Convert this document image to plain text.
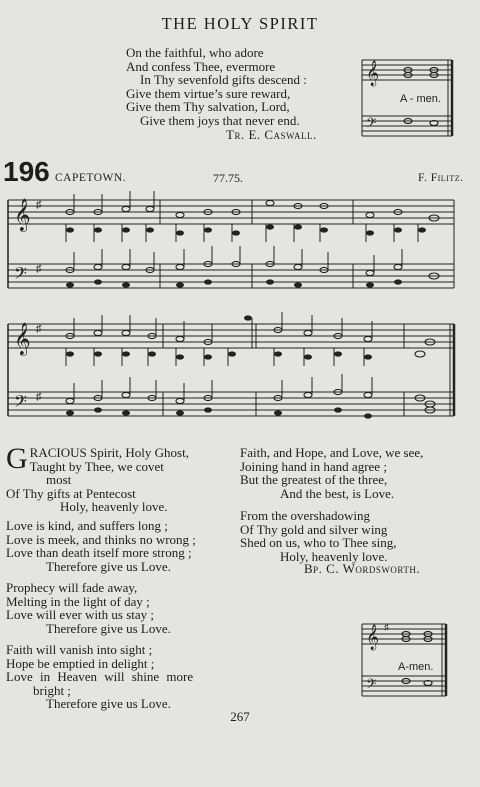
THE HOLY SPIRIT
On the faithful, who adore
And confess Thee, evermore
In Thy sevenfold gifts descend :
Give them virtue’s sure reward,
Give them Thy salvation, Lord,
Give them joys that never end.
Tr. E. Caswall.
𝄞
𝄢
A - men.
196 CAPETOWN.	77.75.	F. Filitz.
𝄞
𝄢
♯
♯
𝄞
𝄢
♯
♯
G RACIOUS Spirit, Holy Ghost,
Taught by Thee, we covet
most
Of Thy gifts at Pentecost
Holy, heavenly love.
Love is kind, and suffers long ;
Love is meek, and thinks no wrong ;
Love than death itself more strong ;
Therefore give us Love.
Prophecy will fade away,
Melting in the light of day ;
Love will ever with us stay ;
Therefore give us Love.
Faith will vanish into sight ;
Hope be emptied in delight ;
Love in Heaven will shine more
bright ;
Therefore give us Love.
Faith, and Hope, and Love, we see,
Joining hand in hand agree ;
But the greatest of the three,
And the best, is Love.
From the overshadowing
Of Thy gold and silver wing
Shed on us, who to Thee sing,
Holy, heavenly love.
Bp. C. Wordsworth.
𝄞
𝄢
♯
A-men.
267
